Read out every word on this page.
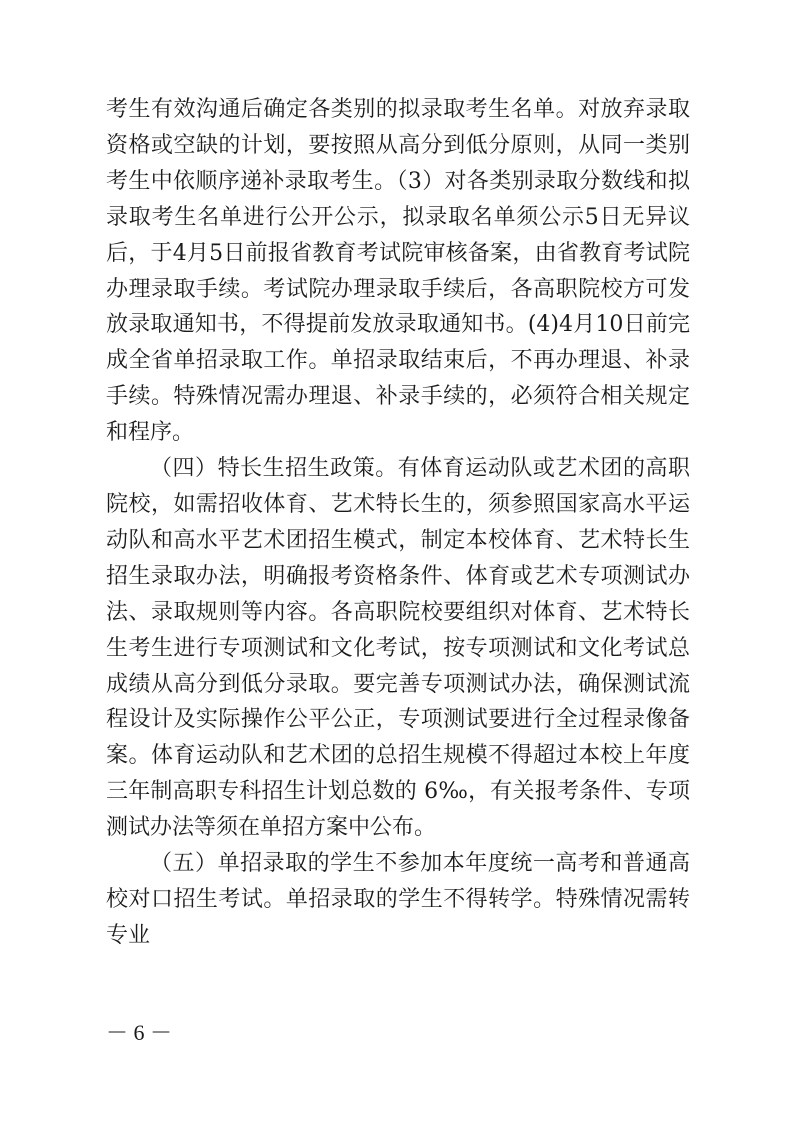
考生有效沟通后确定各类别的拟录取考生名单。对放弃录取资格或空缺的计划，要按照从高分到低分原则，从同一类别考生中依顺序递补录取考生。（3）对各类别录取分数线和拟录取考生名单进行公开公示，拟录取名单须公示5日无异议后，于4月5日前报省教育考试院审核备案，由省教育考试院办理录取手续。考试院办理录取手续后，各高职院校方可发放录取通知书，不得提前发放录取通知书。(4)4月10日前完成全省单招录取工作。单招录取结束后，不再办理退、补录手续。特殊情况需办理退、补录手续的，必须符合相关规定和程序。

（四）特长生招生政策。有体育运动队或艺术团的高职院校，如需招收体育、艺术特长生的，须参照国家高水平运动队和高水平艺术团招生模式，制定本校体育、艺术特长生招生录取办法，明确报考资格条件、体育或艺术专项测试办法、录取规则等内容。各高职院校要组织对体育、艺术特长生考生进行专项测试和文化考试，按专项测试和文化考试总成绩从高分到低分录取。要完善专项测试办法，确保测试流程设计及实际操作公平公正，专项测试要进行全过程录像备案。体育运动队和艺术团的总招生规模不得超过本校上年度三年制高职专科招生计划总数的 6‰，有关报考条件、专项测试办法等须在单招方案中公布。

（五）单招录取的学生不参加本年度统一高考和普通高校对口招生考试。单招录取的学生不得转学。特殊情况需转专业

－ 6 －
